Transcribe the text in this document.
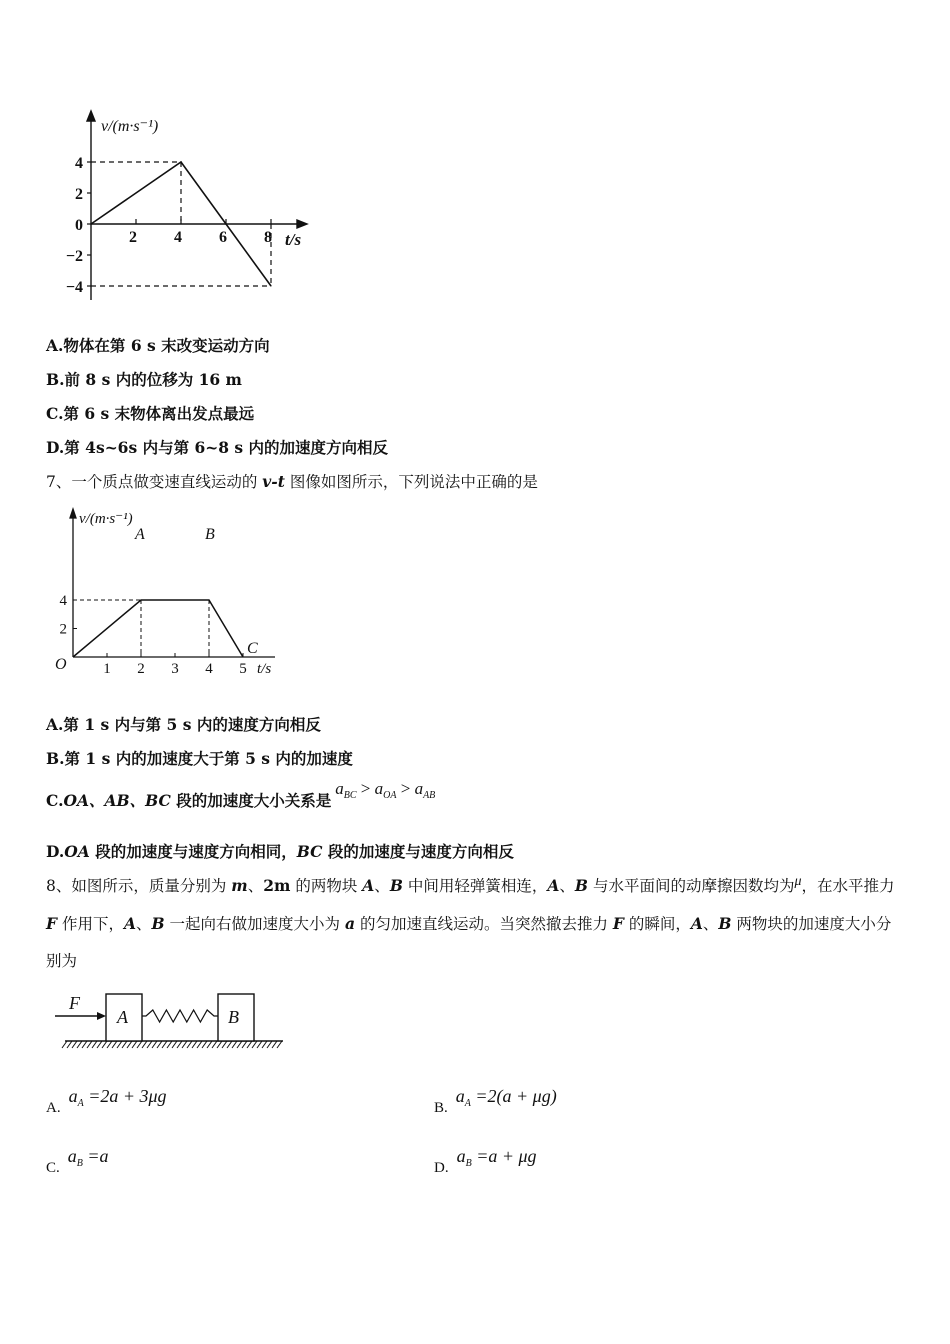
4
2
0
−2
−4
2 4 6 8
v/(m·s⁻¹)
t/s
A.物体在第 6 s 末改变运动方向
B.前 8 s 内的位移为 16 m
C.第 6 s 末物体离出发点最远
D.第 4s~6s 内与第 6~8 s 内的加速度方向相反
7、一个质点做变速直线运动的 v-t 图像如图所示，下列说法中正确的是
4
2
1 2 3 4 5
v/(m·s⁻¹)
t/s
O
A	B
C
A.第 1 s 内与第 5 s 内的速度方向相反
B.第 1 s 内的加速度大于第 5 s 内的加速度
C.OA、AB、BC 段的加速度大小关系是$a_{BC} > a_{OA} > a_{AB}$
D.OA 段的加速度与速度方向相同，BC 段的加速度与速度方向相反
8、如图所示，质量分别为 m、2m 的两物块 A、B 中间用轻弹簧相连，A、B 与水平面间的动摩擦因数均为μ，在水平推力
F 作用下，A、B 一起向右做加速度大小为 a 的匀加速直线运动。当突然撤去推力 F 的瞬间，A、B 两物块的加速度大小分
别为
F
A	B
$A.a_A =2a + 3\mu g$
$B.a_A =2(a + \mu g)$
$C.a_B =a$
$D.a_B =a + \mu g$
